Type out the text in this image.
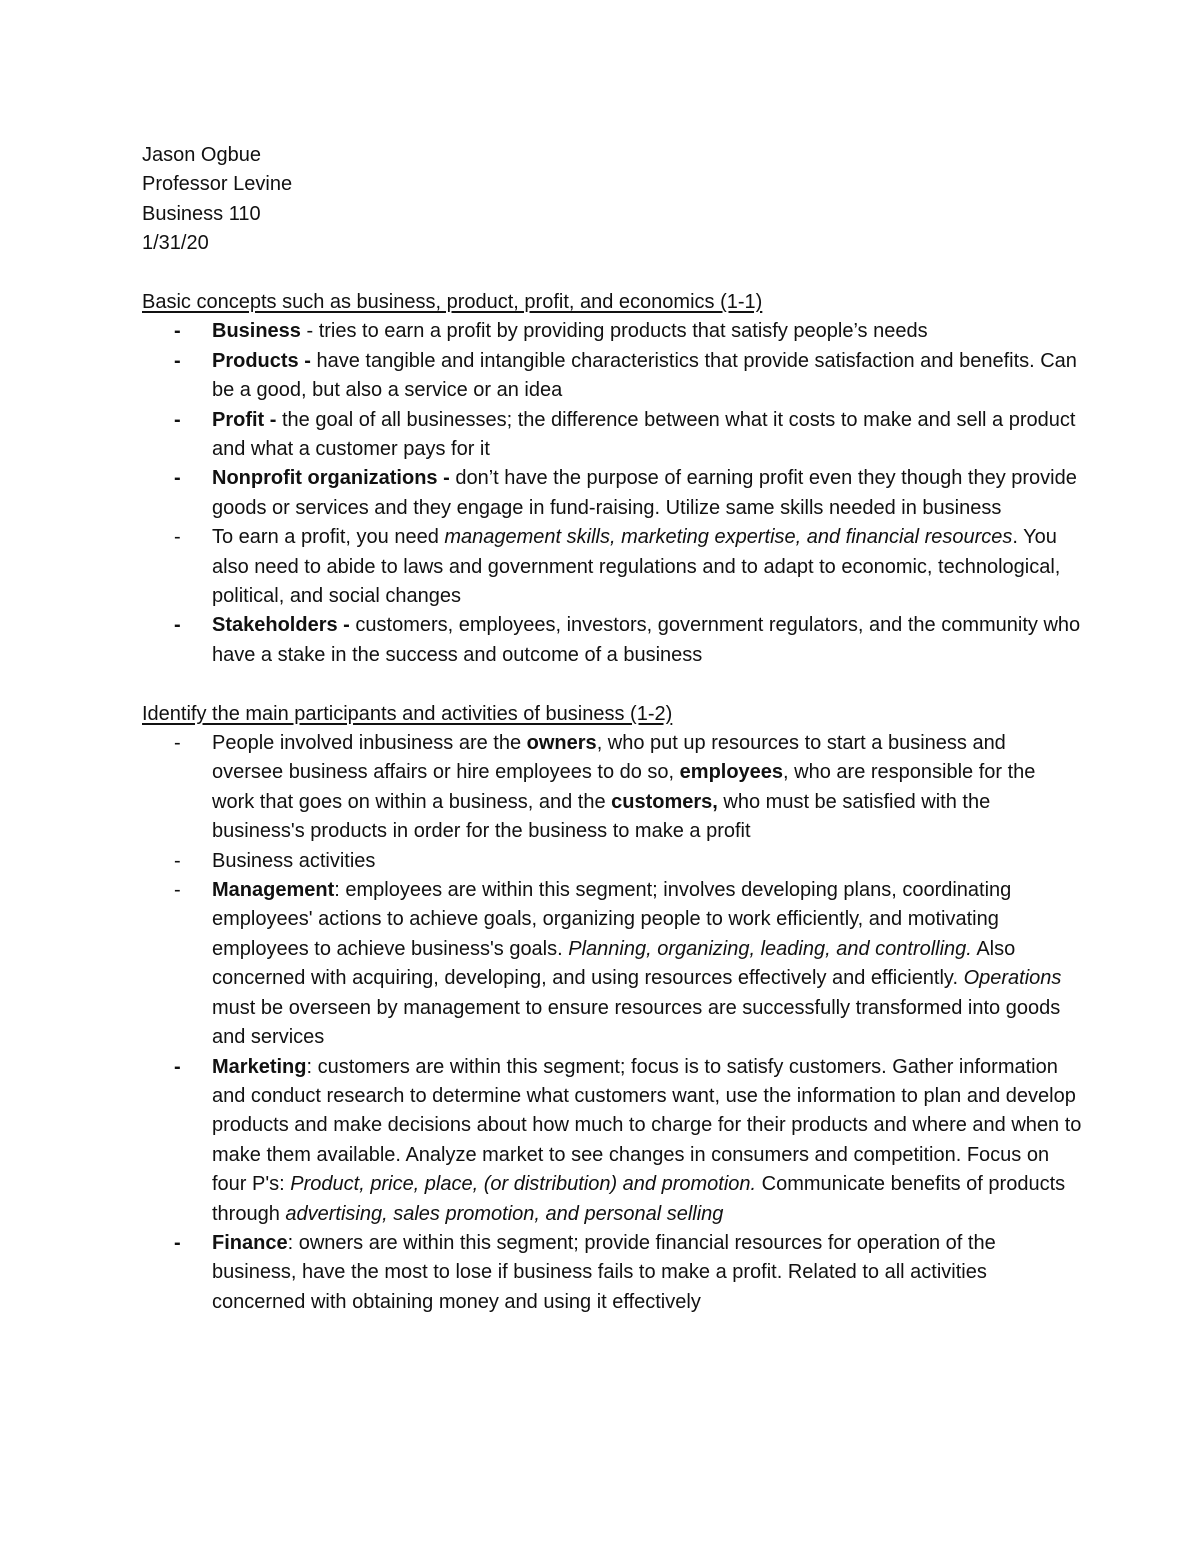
Jason Ogbue
Professor Levine
Business 110
1/31/20
Basic concepts such as business, product, profit, and economics (1-1)
-	Business - tries to earn a profit by providing products that satisfy people’s needs
-	Products - have tangible and intangible characteristics that provide satisfaction and benefits. Can be a good, but also a service or an idea
-	Profit - the goal of all businesses; the difference between what it costs to make and sell a product and what a customer pays for it
-	Nonprofit organizations - don’t have the purpose of earning profit even they though they provide goods or services and they engage in fund-raising. Utilize same skills needed in business
-	To earn a profit, you need management skills, marketing expertise, and financial resources. You also need to abide to laws and government regulations and to adapt to economic, technological, political, and social changes
-	Stakeholders - customers, employees, investors, government regulators, and the community who have a stake in the success and outcome of a business
Identify the main participants and activities of business (1-2)
-	People involved inbusiness are the owners, who put up resources to start a business and oversee business affairs or hire employees to do so, employees, who are responsible for the work that goes on within a business, and the customers, who must be satisfied with the business's products in order for the business to make a profit
-	Business activities
-	Management: employees are within this segment; involves developing plans, coordinating employees' actions to achieve goals, organizing people to work efficiently, and motivating employees to achieve business's goals. Planning, organizing, leading, and controlling. Also concerned with acquiring, developing, and using resources effectively and efficiently. Operations must be overseen by management to ensure resources are successfully transformed into goods and services
-	Marketing: customers are within this segment; focus is to satisfy customers. Gather information and conduct research to determine what customers want, use the information to plan and develop products and make decisions about how much to charge for their products and where and when to make them available. Analyze market to see changes in consumers and competition. Focus on four P's: Product, price, place, (or distribution) and promotion. Communicate benefits of products through advertising, sales promotion, and personal selling
-	Finance: owners are within this segment; provide financial resources for operation of the business, have the most to lose if business fails to make a profit. Related to all activities concerned with obtaining money and using it effectively
